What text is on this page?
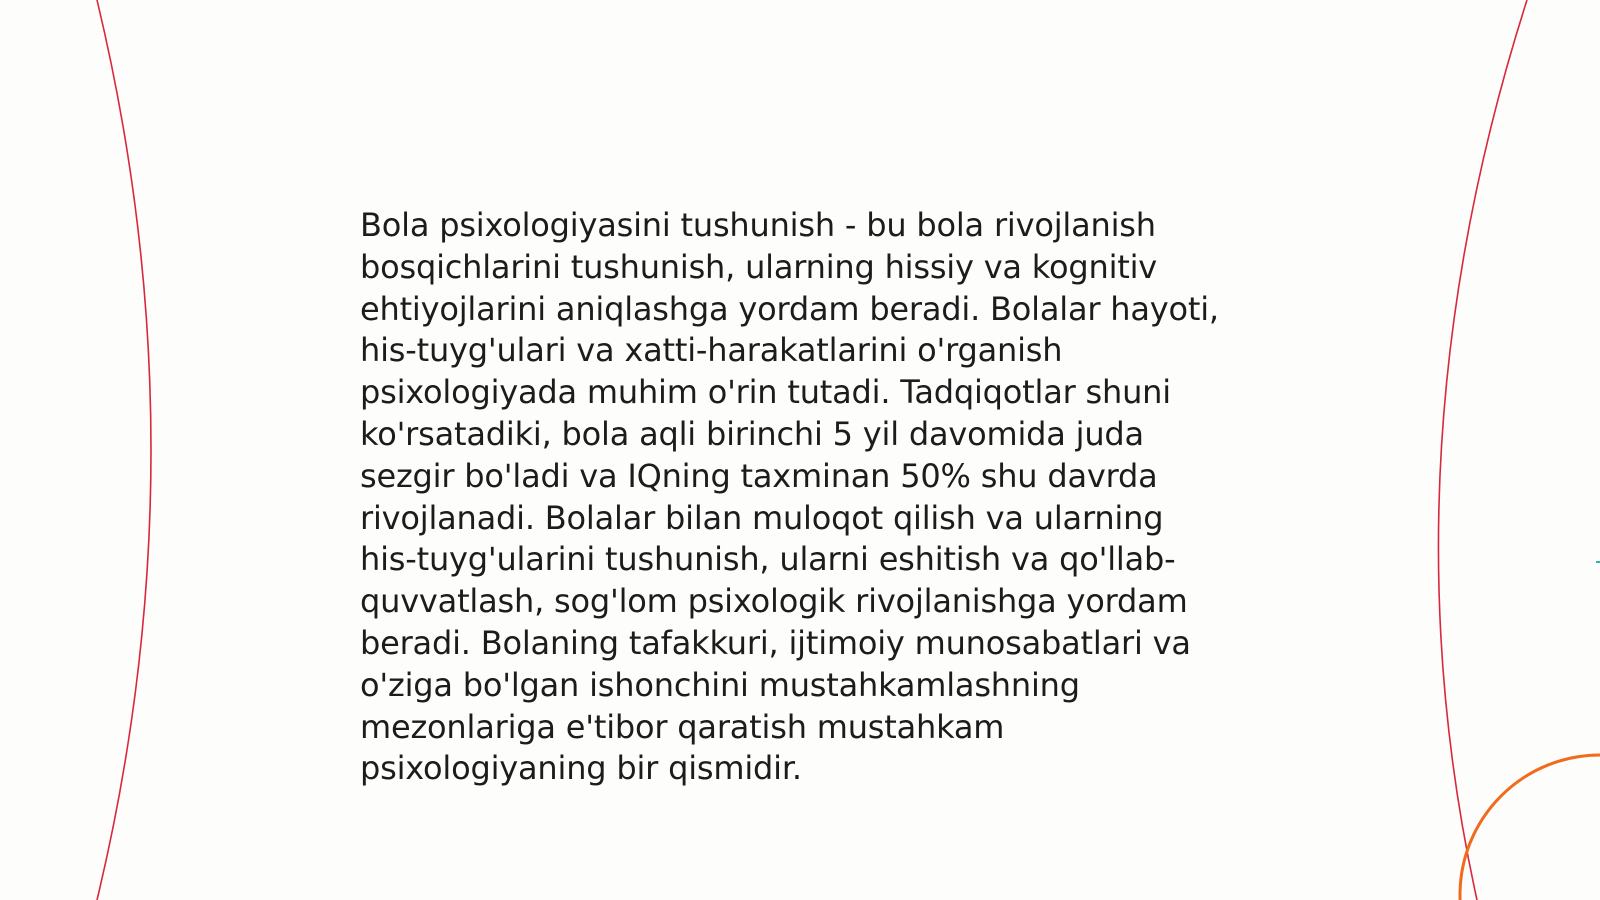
Bola psixologiyasini tushunish - bu bola rivojlanish
bosqichlarini tushunish, ularning hissiy va kognitiv
ehtiyojlarini aniqlashga yordam beradi. Bolalar hayoti,
his-tuyg'ulari va xatti-harakatlarini o'rganish
psixologiyada muhim o'rin tutadi. Tadqiqotlar shuni
ko'rsatadiki, bola aqli birinchi 5 yil davomida juda
sezgir bo'ladi va IQning taxminan 50% shu davrda
rivojlanadi. Bolalar bilan muloqot qilish va ularning
his-tuyg'ularini tushunish, ularni eshitish va qo'llab-
quvvatlash, sog'lom psixologik rivojlanishga yordam
beradi. Bolaning tafakkuri, ijtimoiy munosabatlari va
o'ziga bo'lgan ishonchini mustahkamlashning
mezonlariga e'tibor qaratish mustahkam
psixologiyaning bir qismidir.
